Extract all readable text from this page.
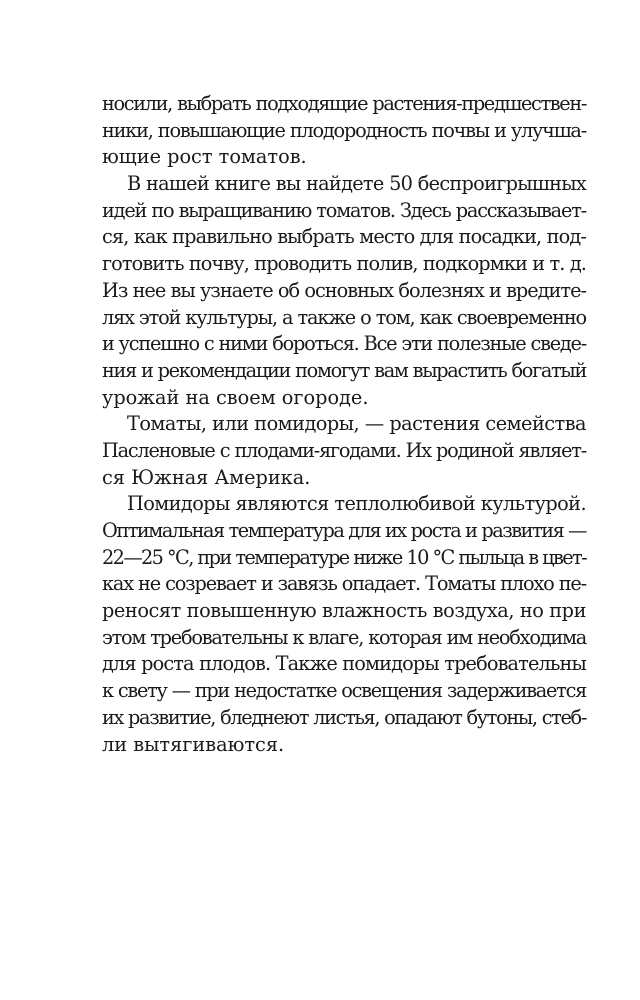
носили, выбрать подходящие растения-предшествен-
ники, повышающие плодородность почвы и улучша-
ющие рост томатов.
В нашей книге вы найдете 50 беспроигрышных
идей по выращиванию томатов. Здесь рассказывает-
ся, как правильно выбрать место для посадки, под-
готовить почву, проводить полив, подкормки и т. д.
Из нее вы узнаете об основных болезнях и вредите-
лях этой культуры, а также о том, как своевременно
и успешно с ними бороться. Все эти полезные сведе-
ния и рекомендации помогут вам вырастить богатый
урожай на своем огороде.
Томаты, или помидоры, — растения семейства
Пасленовые с плодами-ягодами. Их родиной являет-
ся Южная Америка.
Помидоры являются теплолюбивой культурой.
Оптимальная температура для их роста и развития —
22—25 °С, при температуре ниже 10 °С пыльца в цвет-
ках не созревает и завязь опадает. Томаты плохо пе-
реносят повышенную влажность воздуха, но при
этом требовательны к влаге, которая им необходима
для роста плодов. Также помидоры требовательны
к свету — при недостатке освещения задерживается
их развитие, бледнеют листья, опадают бутоны, стеб-
ли вытягиваются.
